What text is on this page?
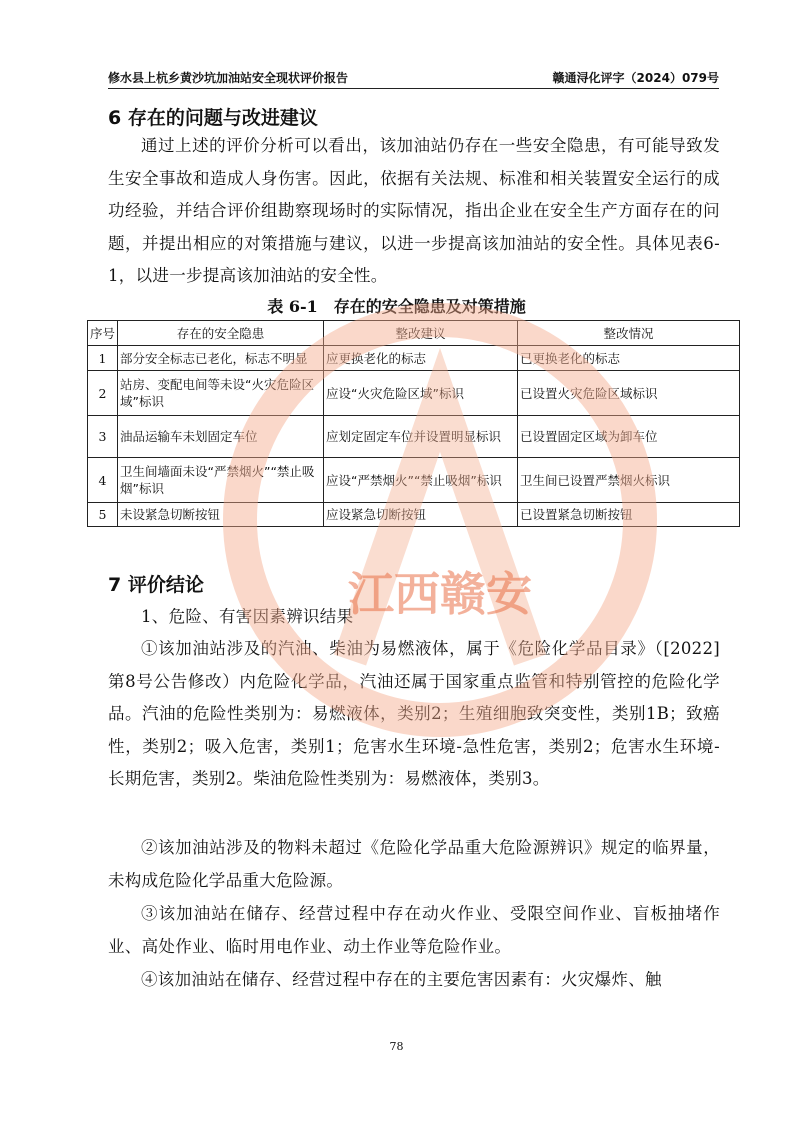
修水县上杭乡黄沙坑加油站安全现状评价报告	赣通浔化评字（2024）079号
6 存在的问题与改进建议
通过上述的评价分析可以看出，该加油站仍存在一些安全隐患，有可能导致发生安全事故和造成人身伤害。因此，依据有关法规、标准和相关装置安全运行的成功经验，并结合评价组勘察现场时的实际情况，指出企业在安全生产方面存在的问题，并提出相应的对策措施与建议，以进一步提高该加油站的安全性。具体见表6-1，以进一步提高该加油站的安全性。
表 6-1　存在的安全隐患及对策措施
序号	存在的安全隐患	整改建议	整改情况
1	部分安全标志已老化，标志不明显	应更换老化的标志	已更换老化的标志
2	站房、变配电间等未设“火灾危险区域”标识	应设“火灾危险区域”标识	已设置火灾危险区域标识
3	油品运输车未划固定车位	应划定固定车位并设置明显标识	已设置固定区域为卸车位
4	卫生间墙面未设“严禁烟火”“禁止吸烟”标识	应设“严禁烟火”“禁止吸烟”标识	卫生间已设置严禁烟火标识
5	未设紧急切断按钮	应设紧急切断按钮	已设置紧急切断按钮
7 评价结论
1、危险、有害因素辨识结果
①该加油站涉及的汽油、柴油为易燃液体，属于《危险化学品目录》（[2022]第8号公告修改）内危险化学品，汽油还属于国家重点监管和特别管控的危险化学品。汽油的危险性类别为：易燃液体，类别2；生殖细胞致突变性，类别1B；致癌性，类别2；吸入危害，类别1；危害水生环境-急性危害，类别2；危害水生环境-长期危害，类别2。柴油危险性类别为：易燃液体，类别3。
②该加油站涉及的物料未超过《危险化学品重大危险源辨识》规定的临界量，未构成危险化学品重大危险源。
③该加油站在储存、经营过程中存在动火作业、受限空间作业、盲板抽堵作业、高处作业、临时用电作业、动土作业等危险作业。
④该加油站在储存、经营过程中存在的主要危害因素有：火灾爆炸、触
江西赣安
78
